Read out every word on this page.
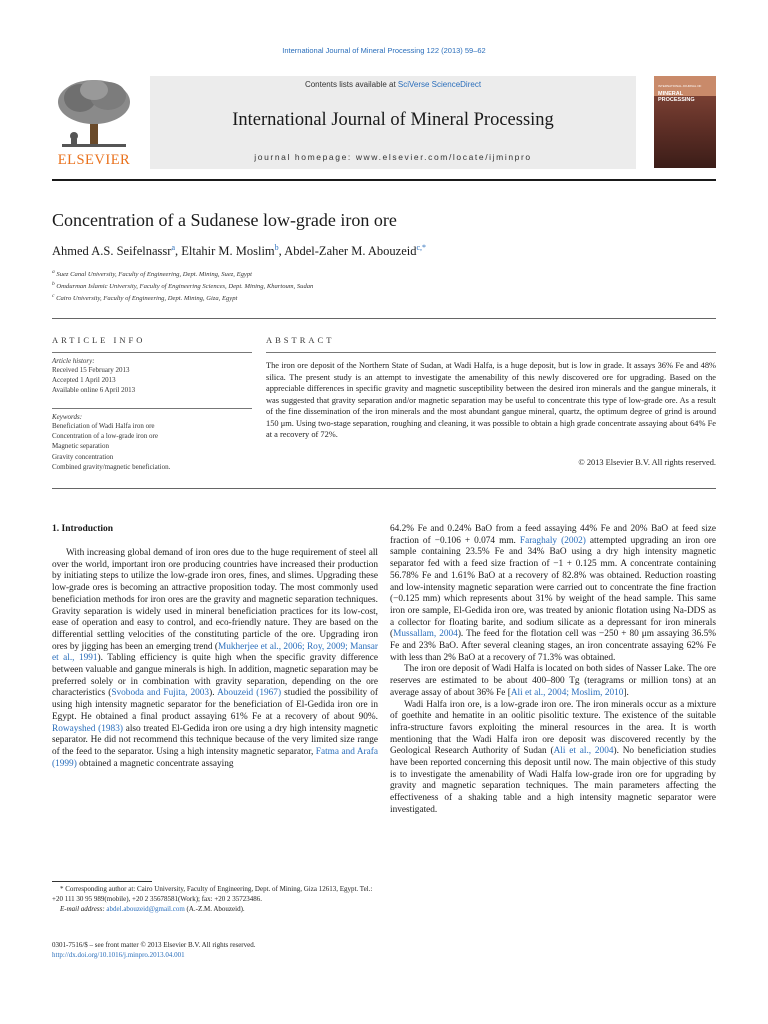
International Journal of Mineral Processing 122 (2013) 59–62
ELSEVIER
Contents lists available at SciVerse ScienceDirect
International Journal of Mineral Processing
journal homepage: www.elsevier.com/locate/ijminpro
INTERNATIONAL JOURNAL OF
MINERAL PROCESSING
Concentration of a Sudanese low-grade iron ore
Ahmed A.S. Seifelnassr$^a$, Eltahir M. Moslim$^b$, Abdel-Zaher M. Abouzeid$^{c,*}$
$^a$ Suez Canal University, Faculty of Engineering, Dept. Mining, Suez, Egypt
$^b$ Omdurman Islamic University, Faculty of Engineering Sciences, Dept. Mining, Khartoum, Sudan
$^c$ Cairo University, Faculty of Engineering, Dept. Mining, Giza, Egypt
ARTICLE INFO
Article history:
Received 15 February 2013
Accepted 1 April 2013
Available online 6 April 2013
Keywords:
Beneficiation of Wadi Halfa iron ore
Concentration of a low-grade iron ore
Magnetic separation
Gravity concentration
Combined gravity/magnetic beneficiation.
ABSTRACT
The iron ore deposit of the Northern State of Sudan, at Wadi Halfa, is a huge deposit, but is low in grade. It assays 36% Fe and 48% silica. The present study is an attempt to investigate the amenability of this newly discovered ore for upgrading. Based on the appreciable differences in specific gravity and magnetic susceptibility between the desired iron minerals and the gangue minerals, it was suggested that gravity separation and/or magnetic separation may be useful to concentrate this type of low-grade ore. As a result of the fine dissemination of the iron minerals and the most abundant gangue mineral, quartz, the optimum degree of grind is around 150 μm. Using two-stage separation, roughing and cleaning, it was possible to obtain a high grade concentrate assaying about 64% Fe at a recovery of 72%.
© 2013 Elsevier B.V. All rights reserved.
1. Introduction

With increasing global demand of iron ores due to the huge requirement of steel all over the world, important iron ore producing countries have increased their production by initiating steps to utilize the low-grade iron ores, fines, and slimes. Upgrading these low-grade ores is becoming an attractive proposition today. The most commonly used beneficiation methods for iron ores are the gravity and magnetic separation techniques. Gravity separation is widely used in mineral beneficiation practices for its low-cost, ease of operation and easy to control, and eco-friendly nature. They are based on the differential settling velocities of the constituting particle of the ore. Upgrading iron ores by jigging has been an emerging trend (Mukherjee et al., 2006; Roy, 2009; Mansar et al., 1991). Tabling efficiency is quite high when the specific gravity difference between valuable and gangue minerals is high. In addition, magnetic separation may be preferred solely or in combination with gravity separation, depending on the ore characteristics (Svoboda and Fujita, 2003). Abouzeid (1967) studied the possibility of using high intensity magnetic separator for the beneficiation of El-Gedida iron ore in Egypt. He obtained a final product assaying 61% Fe at a recovery of about 90%. Rowayshed (1983) also treated El-Gedida iron ore using a dry high intensity magnetic separator. He did not recommend this technique because of the very limited size range of the feed to the separator. Using a high intensity magnetic separator, Fatma and Arafa (1999) obtained a magnetic concentrate assaying

64.2% Fe and 0.24% BaO from a feed assaying 44% Fe and 20% BaO at feed size fraction of −0.106 + 0.074 mm. Faraghaly (2002) attempted upgrading an iron ore sample containing 23.5% Fe and 34% BaO using a dry high intensity magnetic separator fed with a feed size fraction of −1 + 0.125 mm. A concentrate containing 56.78% Fe and 1.61% BaO at a recovery of 82.8% was obtained. Reduction roasting and low-intensity magnetic separation were carried out to concentrate the fine fraction (−0.125 mm) which represents about 31% by weight of the head sample. This same iron ore sample, El-Gedida iron ore, was treated by anionic flotation using Na-DDS as a collector for floating barite, and sodium silicate as a depressant for iron minerals (Mussallam, 2004). The feed for the flotation cell was −250 + 80 μm assaying 36.5% Fe and 23% BaO. After several cleaning stages, an iron concentrate assaying 62% Fe with less than 2% BaO at a recovery of 71.3% was obtained.

The iron ore deposit of Wadi Halfa is located on both sides of Nasser Lake. The ore reserves are estimated to be about 400–800 Tg (teragrams or million tons) at an average assay of about 36% Fe [Ali et al., 2004; Moslim, 2010].

Wadi Halfa iron ore, is a low-grade iron ore. The iron minerals occur as a mixture of goethite and hematite in an oolitic pisolitic texture. The existence of the suitable infra-structure favors exploiting the mineral resources in the area. It is worth mentioning that the Wadi Halfa iron ore deposit was discovered recently by the Geological Research Authority of Sudan (Ali et al., 2004). No beneficiation studies have been reported concerning this deposit until now. The main objective of this study is to investigate the amenability of Wadi Halfa low-grade iron ore for upgrading by gravity and magnetic separation techniques. The main parameters affecting the effectiveness of a shaking table and a high intensity magnetic separator were investigated.

* Corresponding author at: Cairo University, Faculty of Engineering, Dept. of Mining, Giza 12613, Egypt. Tel.: +20 111 30 95 989(mobile), +20 2 35678581(Work); fax: +20 2 35723486.
E-mail address: abdel.abouzeid@gmail.com (A.-Z.M. Abouzeid).
0301-7516/$ – see front matter © 2013 Elsevier B.V. All rights reserved.
http://dx.doi.org/10.1016/j.minpro.2013.04.001
